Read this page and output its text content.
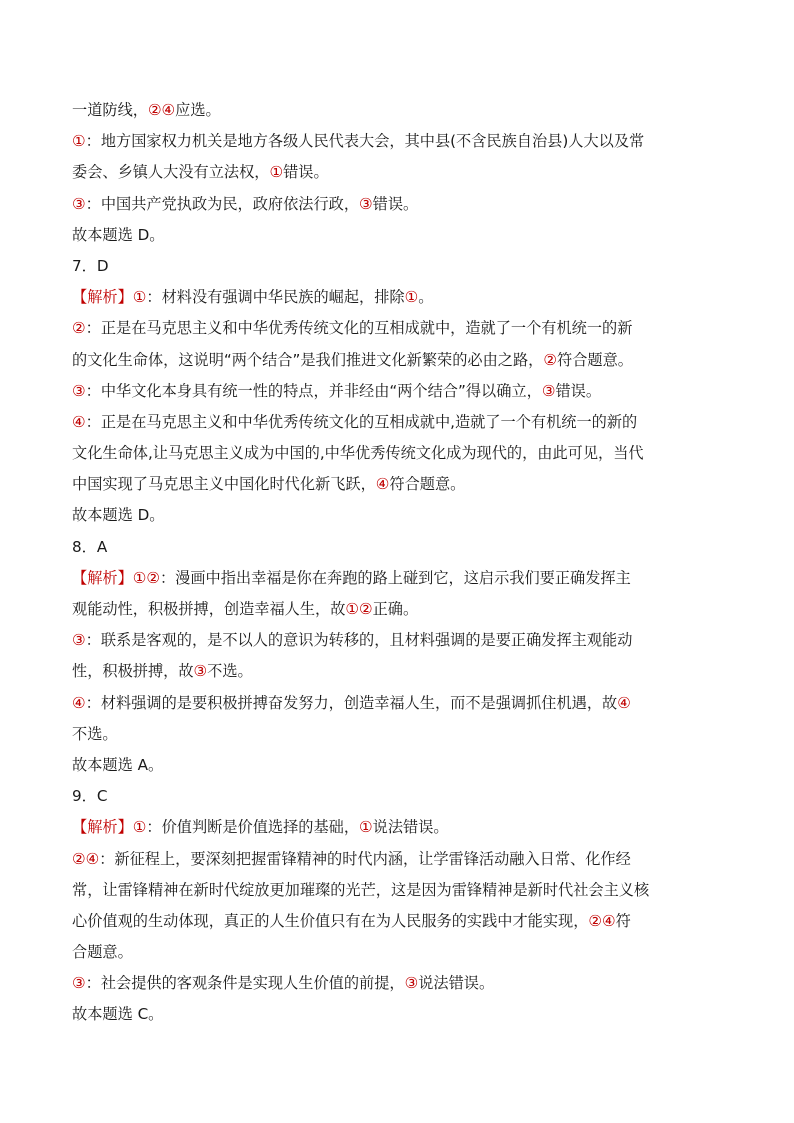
一道防线，②④应选。
①：地方国家权力机关是地方各级人民代表大会，其中县(不含民族自治县)人大以及常
委会、乡镇人大没有立法权，①错误。
③：中国共产党执政为民，政府依法行政，③错误。
故本题选 D。
7．D
【解析】①：材料没有强调中华民族的崛起，排除①。
②：正是在马克思主义和中华优秀传统文化的互相成就中，造就了一个有机统一的新
的文化生命体，这说明“两个结合”是我们推进文化新繁荣的必由之路，②符合题意。
③：中华文化本身具有统一性的特点，并非经由“两个结合”得以确立，③错误。
④：正是在马克思主义和中华优秀传统文化的互相成就中,造就了一个有机统一的新的
文化生命体,让马克思主义成为中国的,中华优秀传统文化成为现代的，由此可见，当代
中国实现了马克思主义中国化时代化新飞跃，④符合题意。
故本题选 D。
8．A
【解析】①②：漫画中指出幸福是你在奔跑的路上碰到它，这启示我们要正确发挥主
观能动性，积极拼搏，创造幸福人生，故①②正确。
③：联系是客观的，是不以人的意识为转移的，且材料强调的是要正确发挥主观能动
性，积极拼搏，故③不选。
④：材料强调的是要积极拼搏奋发努力，创造幸福人生，而不是强调抓住机遇，故④
不选。
故本题选 A。
9．C
【解析】①：价值判断是价值选择的基础，①说法错误。
②④：新征程上，要深刻把握雷锋精神的时代内涵，让学雷锋活动融入日常、化作经
常，让雷锋精神在新时代绽放更加璀璨的光芒，这是因为雷锋精神是新时代社会主义核
心价值观的生动体现，真正的人生价值只有在为人民服务的实践中才能实现，②④符
合题意。
③：社会提供的客观条件是实现人生价值的前提，③说法错误。
故本题选 C。
